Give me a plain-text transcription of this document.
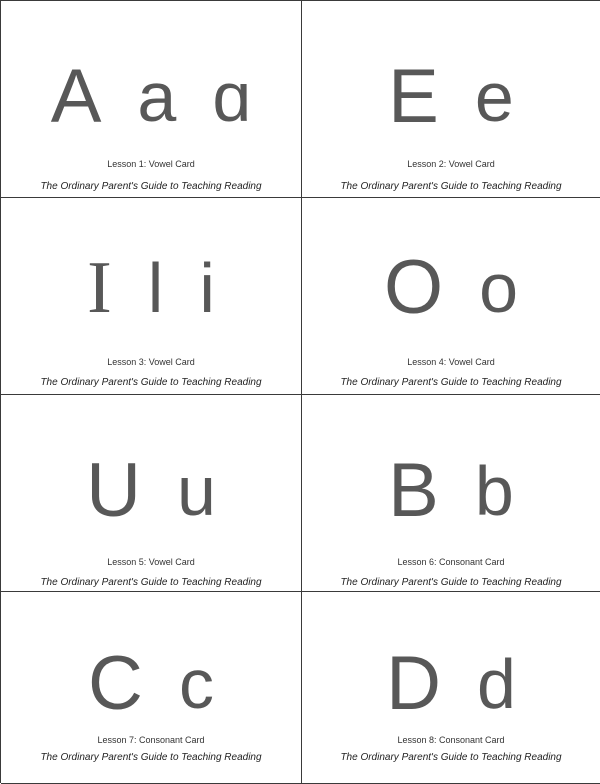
A a ɑ
Lesson 1: Vowel Card
The Ordinary Parent's Guide to Teaching Reading
E e
Lesson 2: Vowel Card
The Ordinary Parent's Guide to Teaching Reading
I l i
Lesson 3: Vowel Card
The Ordinary Parent's Guide to Teaching Reading
O o
Lesson 4: Vowel Card
The Ordinary Parent's Guide to Teaching Reading
U u
Lesson 5: Vowel Card
The Ordinary Parent's Guide to Teaching Reading
B b
Lesson 6: Consonant Card
The Ordinary Parent's Guide to Teaching Reading
C c
Lesson 7: Consonant Card
The Ordinary Parent's Guide to Teaching Reading
D d
Lesson 8: Consonant Card
The Ordinary Parent's Guide to Teaching Reading
